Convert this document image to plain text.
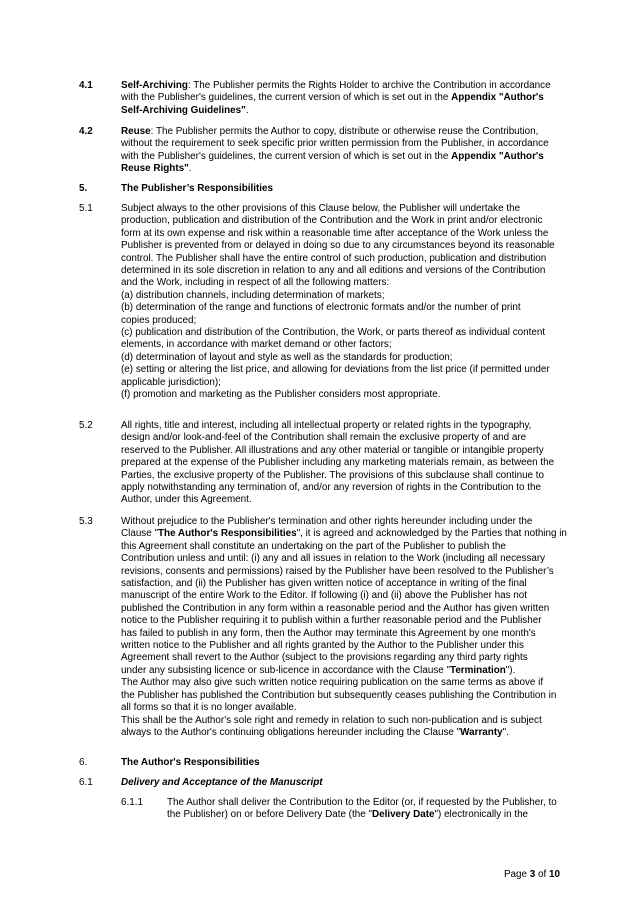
4.1	Self-Archiving: The Publisher permits the Rights Holder to archive the Contribution in accordance
with the Publisher's guidelines, the current version of which is set out in the Appendix "Author's
Self-Archiving Guidelines".
4.2	Reuse: The Publisher permits the Author to copy, distribute or otherwise reuse the Contribution,
without the requirement to seek specific prior written permission from the Publisher, in accordance
with the Publisher's guidelines, the current version of which is set out in the Appendix "Author's
Reuse Rights".
5.	The Publisher’s Responsibilities
5.1	Subject always to the other provisions of this Clause below, the Publisher will undertake the
production, publication and distribution of the Contribution and the Work in print and/or electronic
form at its own expense and risk within a reasonable time after acceptance of the Work unless the
Publisher is prevented from or delayed in doing so due to any circumstances beyond its reasonable
control. The Publisher shall have the entire control of such production, publication and distribution
determined in its sole discretion in relation to any and all editions and versions of the Contribution
and the Work, including in respect of all the following matters:
(a) distribution channels, including determination of markets;
(b) determination of the range and functions of electronic formats and/or the number of print
copies produced;
(c) publication and distribution of the Contribution, the Work, or parts thereof as individual content
elements, in accordance with market demand or other factors;
(d) determination of layout and style as well as the standards for production;
(e) setting or altering the list price, and allowing for deviations from the list price (if permitted under
applicable jurisdiction);
(f) promotion and marketing as the Publisher considers most appropriate.
5.2	All rights, title and interest, including all intellectual property or related rights in the typography,
design and/or look-and-feel of the Contribution shall remain the exclusive property of and are
reserved to the Publisher. All illustrations and any other material or tangible or intangible property
prepared at the expense of the Publisher including any marketing materials remain, as between the
Parties, the exclusive property of the Publisher. The provisions of this subclause shall continue to
apply notwithstanding any termination of, and/or any reversion of rights in the Contribution to the
Author, under this Agreement.
5.3	Without prejudice to the Publisher's termination and other rights hereunder including under the
Clause "The Author's Responsibilities", it is agreed and acknowledged by the Parties that nothing in
this Agreement shall constitute an undertaking on the part of the Publisher to publish the
Contribution unless and until: (i) any and all issues in relation to the Work (including all necessary
revisions, consents and permissions) raised by the Publisher have been resolved to the Publisher’s
satisfaction, and (ii) the Publisher has given written notice of acceptance in writing of the final
manuscript of the entire Work to the Editor. If following (i) and (ii) above the Publisher has not
published the Contribution in any form within a reasonable period and the Author has given written
notice to the Publisher requiring it to publish within a further reasonable period and the Publisher
has failed to publish in any form, then the Author may terminate this Agreement by one month's
written notice to the Publisher and all rights granted by the Author to the Publisher under this
Agreement shall revert to the Author (subject to the provisions regarding any third party rights
under any subsisting licence or sub-licence in accordance with the Clause "Termination").
The Author may also give such written notice requiring publication on the same terms as above if
the Publisher has published the Contribution but subsequently ceases publishing the Contribution in
all forms so that it is no longer available.
This shall be the Author's sole right and remedy in relation to such non-publication and is subject
always to the Author's continuing obligations hereunder including the Clause "Warranty".
6.	The Author's Responsibilities
6.1	Delivery and Acceptance of the Manuscript
6.1.1 The Author shall deliver the Contribution to the Editor (or, if requested by the Publisher, to
the Publisher) on or before Delivery Date (the "Delivery Date") electronically in the
Page 3 of 10
